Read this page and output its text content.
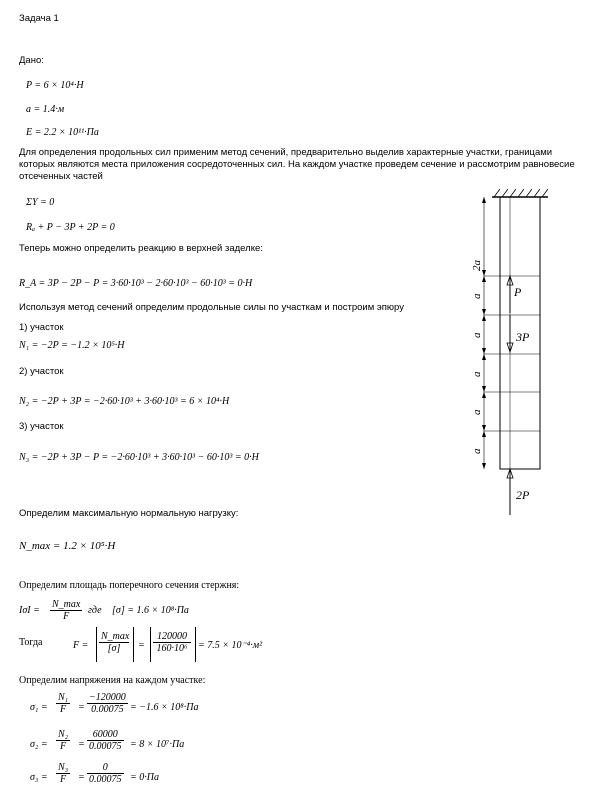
Задача 1
Дано:
P = 6 × 10⁴·H
a = 1.4·м
E = 2.2 × 10¹¹·Па
Для определения продольных сил применим метод сечений, предварительно выделив характерные участки, границами которых являются места приложения сосредоточенных сил. На каждом участке проведем сечение и рассмотрим равновесие отсеченных частей
ΣY = 0
Rₐ + P − 3P + 2P = 0
Теперь можно определить реакцию в верхней заделке:
R_A = 3P − 2P − P = 3·60·10³ − 2·60·10³ − 60·10³ = 0·H
Используя метод сечений определим продольные силы по участкам и построим эпюру
1) участок
N₁ = −2P = −1.2 × 10⁵·H
2) участок
N₂ = −2P + 3P = −2·60·10³ + 3·60·10³ = 6 × 10⁴·H
3) участок
N₃ = −2P + 3P − P = −2·60·10³ + 3·60·10³ − 60·10³ = 0·H
Определим максимальную нормальную нагрузку:
N_max = 1.2 × 10⁵·H
Определим площадь поперечного сечения стержня:
IσI =
N_max
F
где [σ] = 1.6 × 10⁸·Па
Тогда	F =
N_max
[σ]	= $\frac{120000}{\text{160·10⁶}} = 7.5 \times 10^{-4}\cdot м^2$
Определим напряжения на каждом участке:
$\sigma_1 = \frac{\text{N₁}}{F} = \frac{-120000}{0.00075} = -1.6 \times 10^8\cdot Па$
$\sigma_2 = \frac{\text{N₂}}{F} = \frac{60000}{0.00075} = 8 \times 10^7\cdot Па$
$\sigma_3 = \frac{\text{N₃}}{F} = \frac{0}{0.00075} = 0\cdot Па$
2a
a
a
a
a
a
P
3P
2P
